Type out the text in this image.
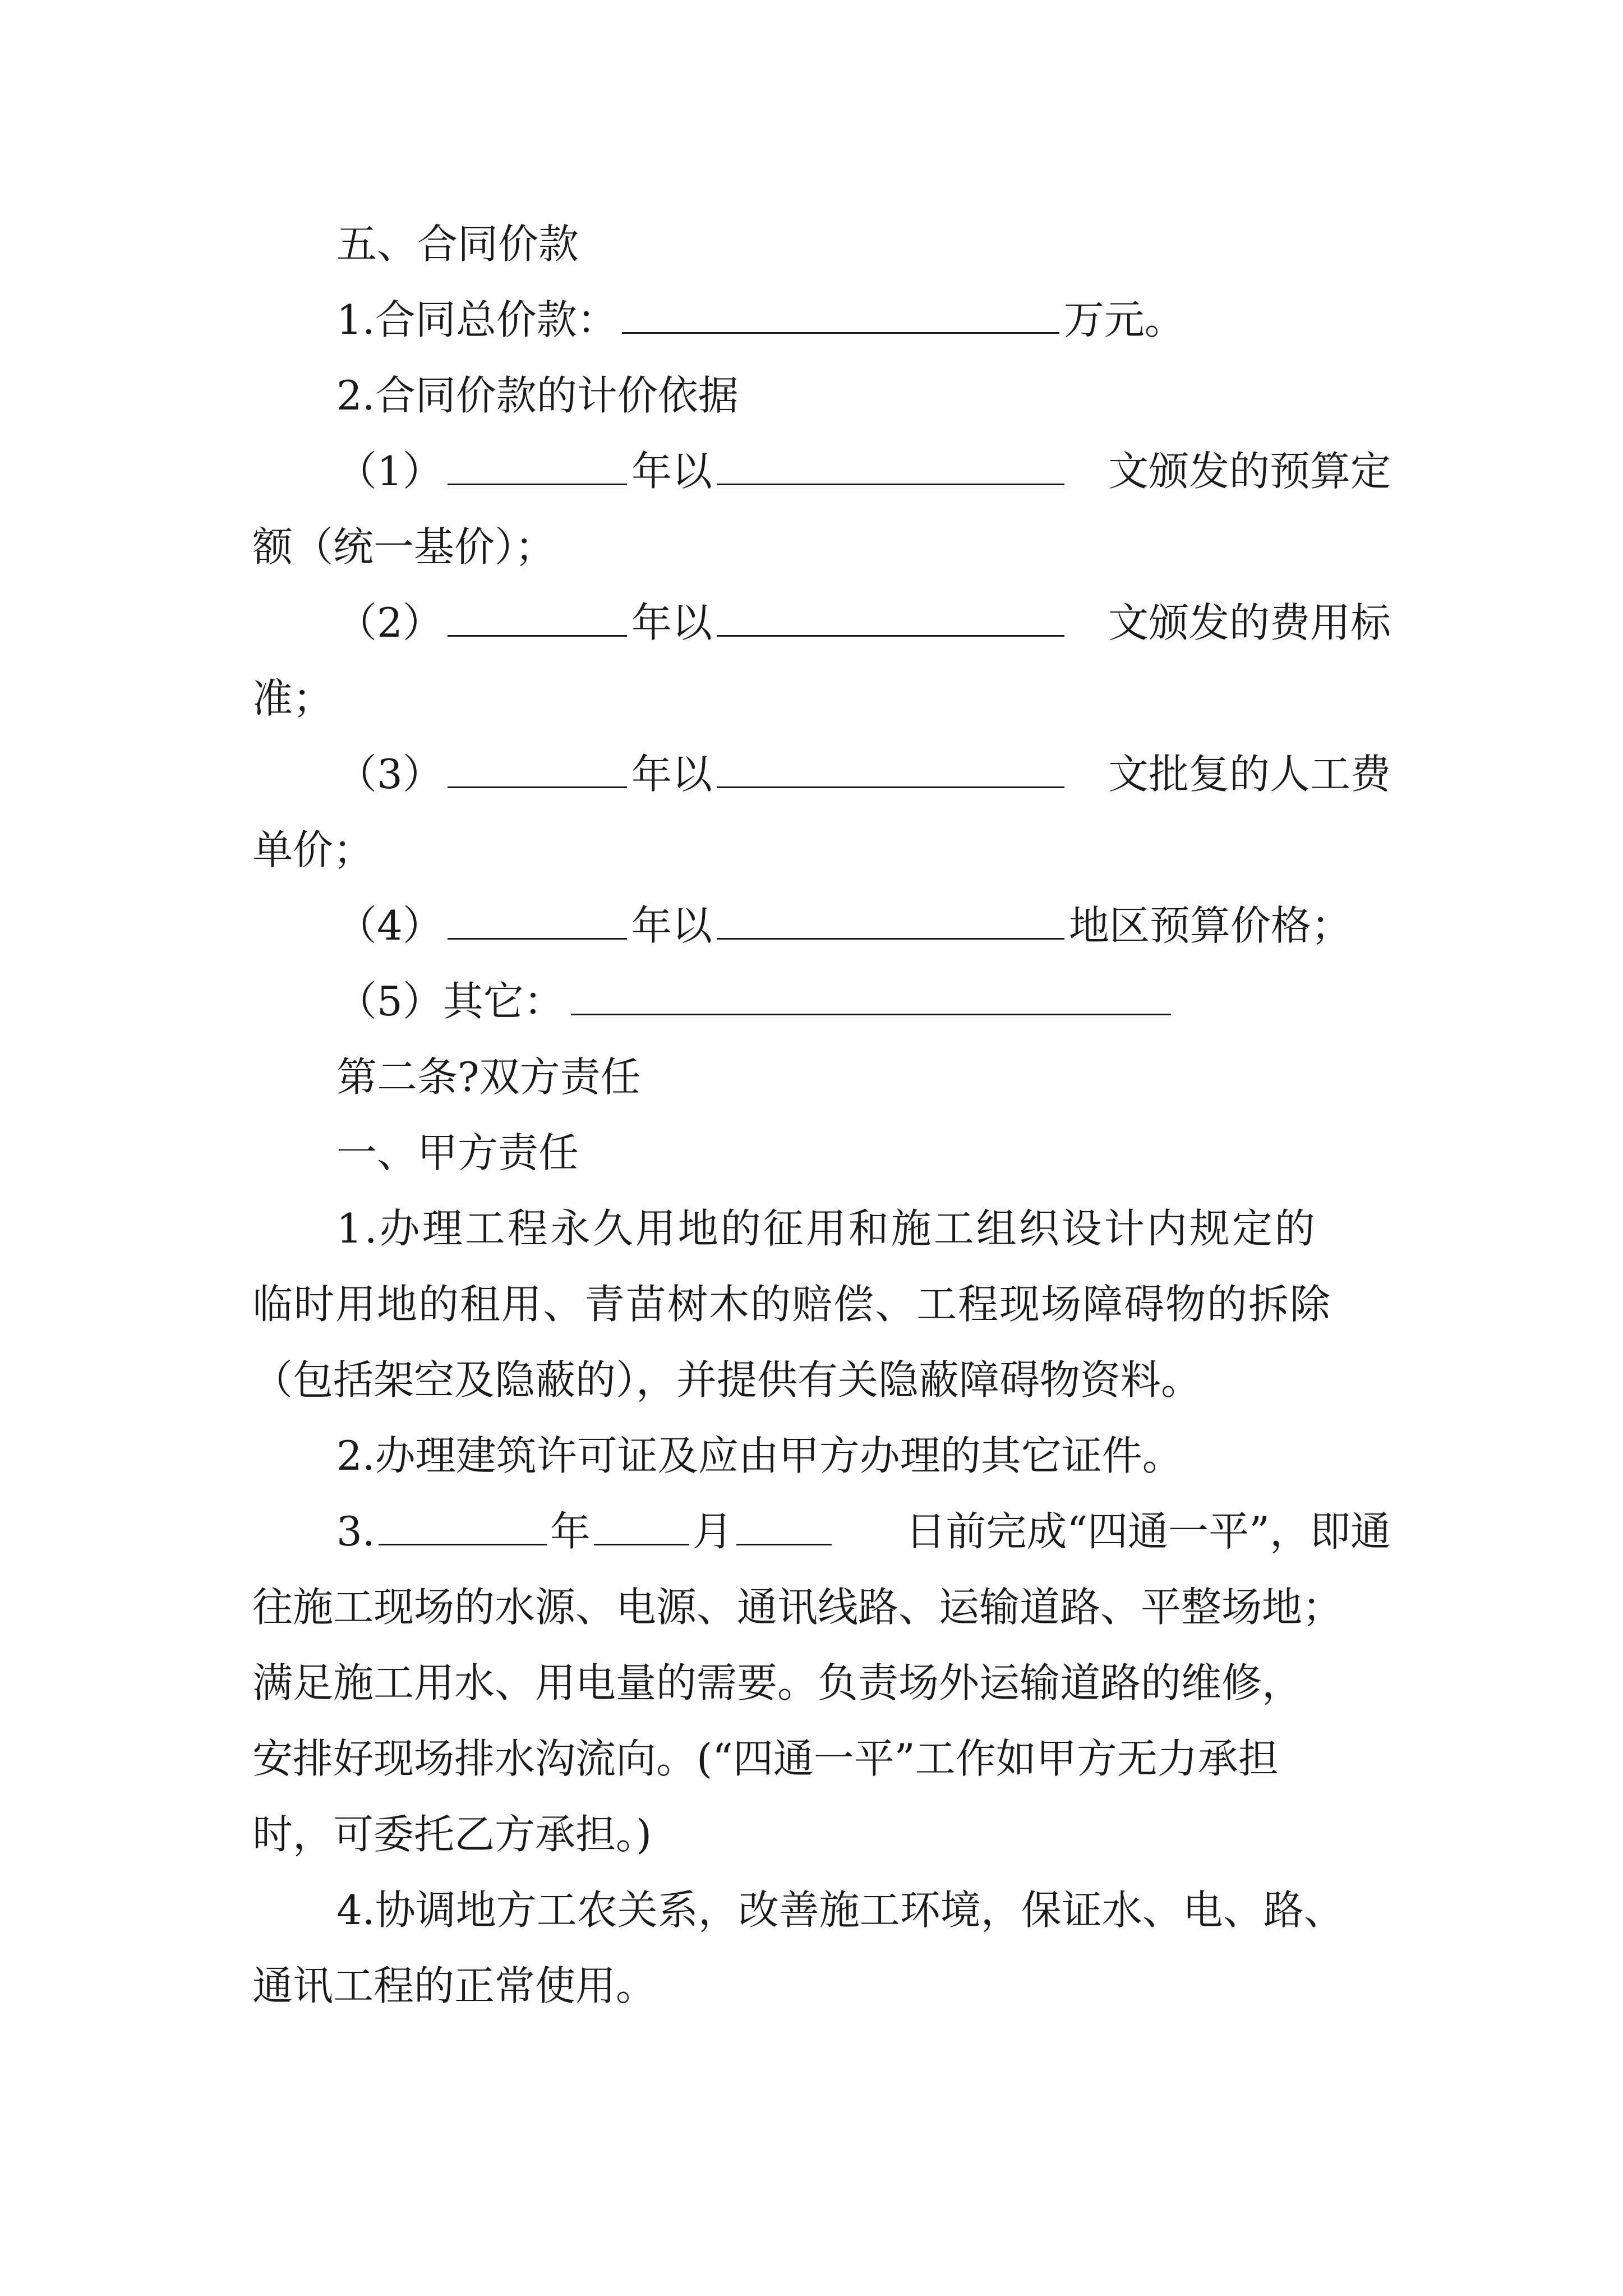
五、合同价款
1.合同总价款：	万元。
2.合同价款的计价依据
（1）	年以	文颁发的预算定
额（统一基价）；
（2）	年以	文颁发的费用标
准；
（3）	年以	文批复的人工费
单价；
（4）	年以	地区预算价格；
（5）其它：
第二条?双方责任
一、甲方责任
1.办理工程永久用地的征用和施工组织设计内规定的
临时用地的租用、青苗树木的赔偿、工程现场障碍物的拆除
（包括架空及隐蔽的），并提供有关隐蔽障碍物资料。
2.办理建筑许可证及应由甲方办理的其它证件。
3.	年	月	日前完成“四通一平”，即通
往施工现场的水源、电源、通讯线路、运输道路、平整场地；
满足施工用水、用电量的需要。负责场外运输道路的维修，
安排好现场排水沟流向。(“四通一平”工作如甲方无力承担
时，可委托乙方承担。)
4.协调地方工农关系，改善施工环境，保证水、电、路、
通讯工程的正常使用。
